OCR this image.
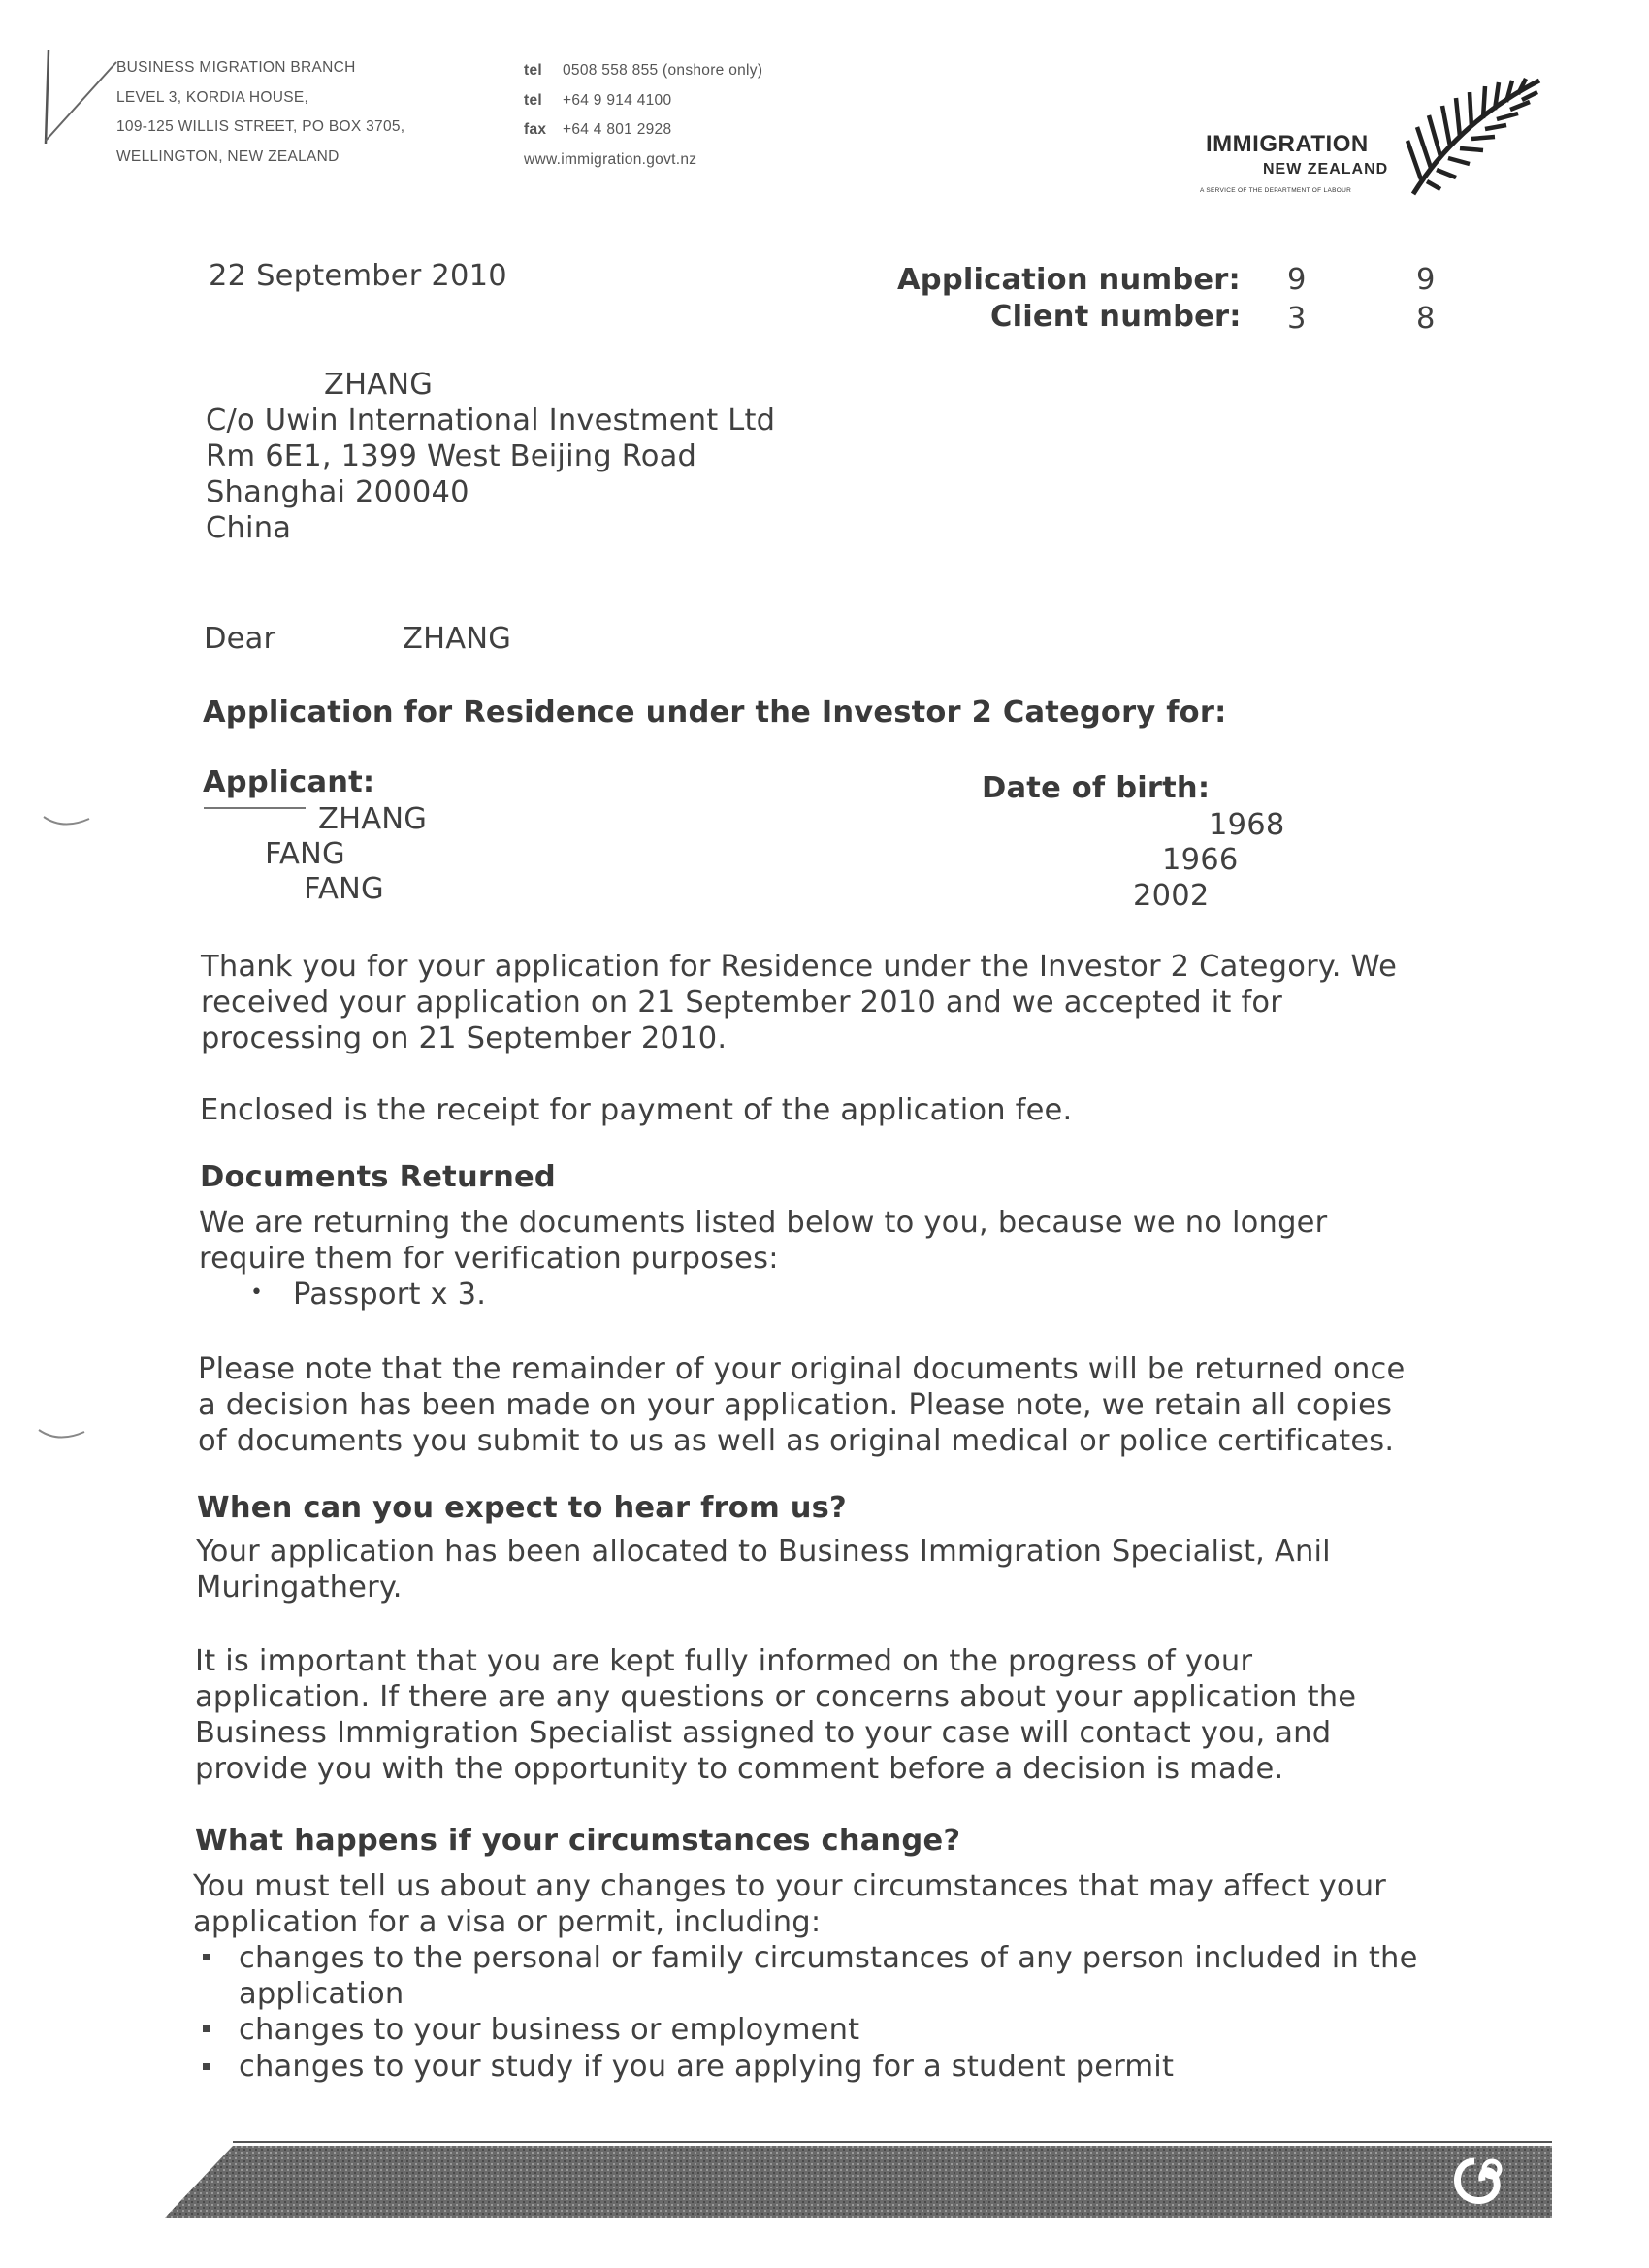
BUSINESS MIGRATION BRANCH
LEVEL 3, KORDIA HOUSE,
109-125 WILLIS STREET, PO BOX 3705,
WELLINGTON, NEW ZEALAND
tel 0508 558 855 (onshore only)
tel +64 9 914 4100
fax +64 4 801 2928
www.immigration.govt.nz
IMMIGRATION
NEW ZEALAND
A SERVICE OF THE DEPARTMENT OF LABOUR
22 September 2010	Application number: 9	9
Client number: 3	8
ZHANG
C/o Uwin International Investment Ltd
Rm 6E1, 1399 West Beijing Road
Shanghai 200040
China
Dear	ZHANG
Application for Residence under the Investor 2 Category for:
Applicant:	Date of birth:
ZHANG	1968
FANG	1966
FANG	2002
Thank you for your application for Residence under the Investor 2 Category. We
received your application on 21 September 2010 and we accepted it for
processing on 21 September 2010.
Enclosed is the receipt for payment of the application fee.
Documents Returned
We are returning the documents listed below to you, because we no longer
require them for verification purposes:
• Passport x 3.
Please note that the remainder of your original documents will be returned once
a decision has been made on your application. Please note, we retain all copies
of documents you submit to us as well as original medical or police certificates.
When can you expect to hear from us?
Your application has been allocated to Business Immigration Specialist, Anil
Muringathery.
It is important that you are kept fully informed on the progress of your
application. If there are any questions or concerns about your application the
Business Immigration Specialist assigned to your case will contact you, and
provide you with the opportunity to comment before a decision is made.
What happens if your circumstances change?
You must tell us about any changes to your circumstances that may affect your
application for a visa or permit, including:
changes to the personal or family circumstances of any person included in the
application
changes to your business or employment
changes to your study if you are applying for a student permit
